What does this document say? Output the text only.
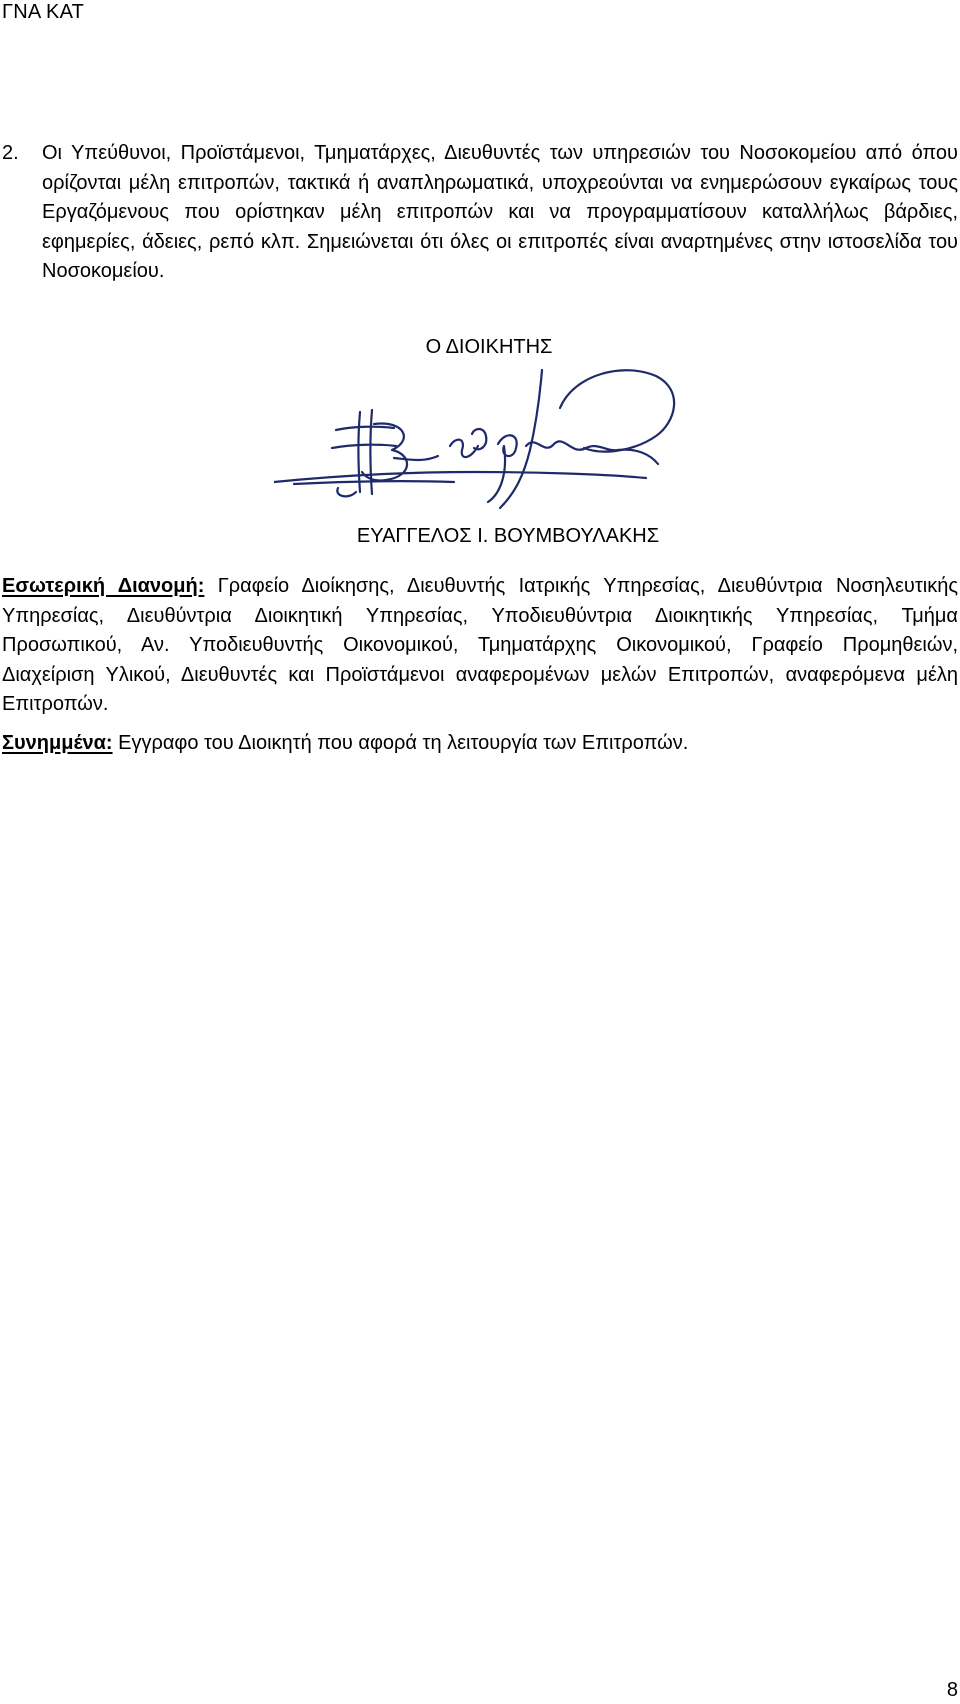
ΓΝΑ ΚΑΤ
2. Οι Υπεύθυνοι, Προϊστάμενοι, Τμηματάρχες, Διευθυντές των υπηρεσιών του Νοσοκομείου από όπου ορίζονται μέλη επιτροπών, τακτικά ή αναπληρωματικά, υποχρεούνται να ενημερώσουν εγκαίρως τους Εργαζόμενους που ορίστηκαν μέλη επιτροπών και να προγραμματίσουν καταλλήλως βάρδιες, εφημερίες, άδειες, ρεπό κλπ. Σημειώνεται ότι όλες οι επιτροπές είναι αναρτημένες στην ιστοσελίδα του Νοσοκομείου.
Ο ΔΙΟΙΚΗΤΗΣ
ΕΥΑΓΓΕΛΟΣ Ι. ΒΟΥΜΒΟΥΛΑΚΗΣ
Εσωτερική Διανομή: Γραφείο Διοίκησης, Διευθυντής Ιατρικής Υπηρεσίας, Διευθύντρια Νοσηλευτικής Υπηρεσίας, Διευθύντρια Διοικητική Υπηρεσίας, Υποδιευθύντρια Διοικητικής Υπηρεσίας, Τμήμα Προσωπικού, Αν. Υποδιευθυντής Οικονομικού, Τμηματάρχης Οικονομικού, Γραφείο Προμηθειών, Διαχείριση Υλικού, Διευθυντές και Προϊστάμενοι αναφερομένων μελών Επιτροπών, αναφερόμενα μέλη Επιτροπών.
Συνημμένα: Εγγραφο του Διοικητή που αφορά τη λειτουργία των Επιτροπών.
8
